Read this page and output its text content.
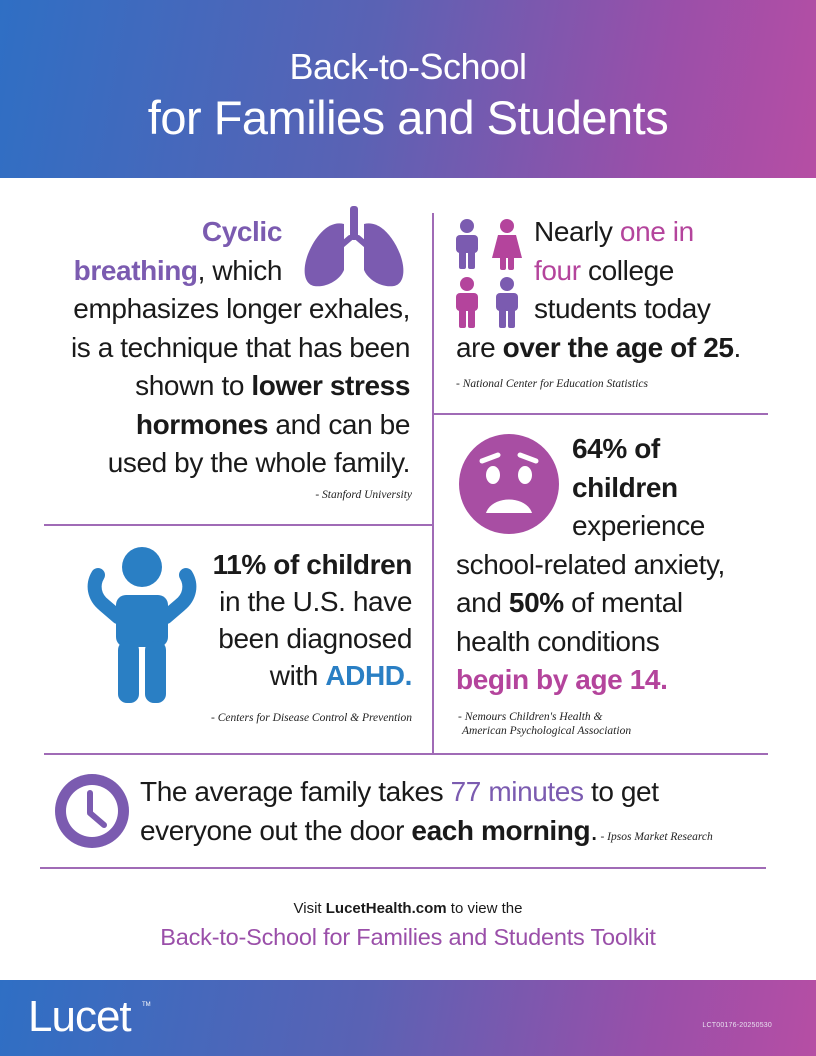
Back-to-School
for Families and Students
Cyclic
breathing, which
emphasizes longer exhales,
is a technique that has been
shown to lower stress
hormones and can be
used by the whole family.
- Stanford University
Nearly one in
four college
students today
are over the age of 25.
- National Center for Education Statistics
11% of children
in the U.S. have
been diagnosed
with ADHD.
- Centers for Disease Control & Prevention
64% of
children
experience
school-related anxiety,
and 50% of mental
health conditions
begin by age 14.
- Nemours Children's Health &
American Psychological Association
The average family takes 77 minutes to get
everyone out the door each morning. - Ipsos Market Research
Visit LucetHealth.com to view the
Back-to-School for Families and Students Toolkit
Lucet TM
LCT00176-20250530
